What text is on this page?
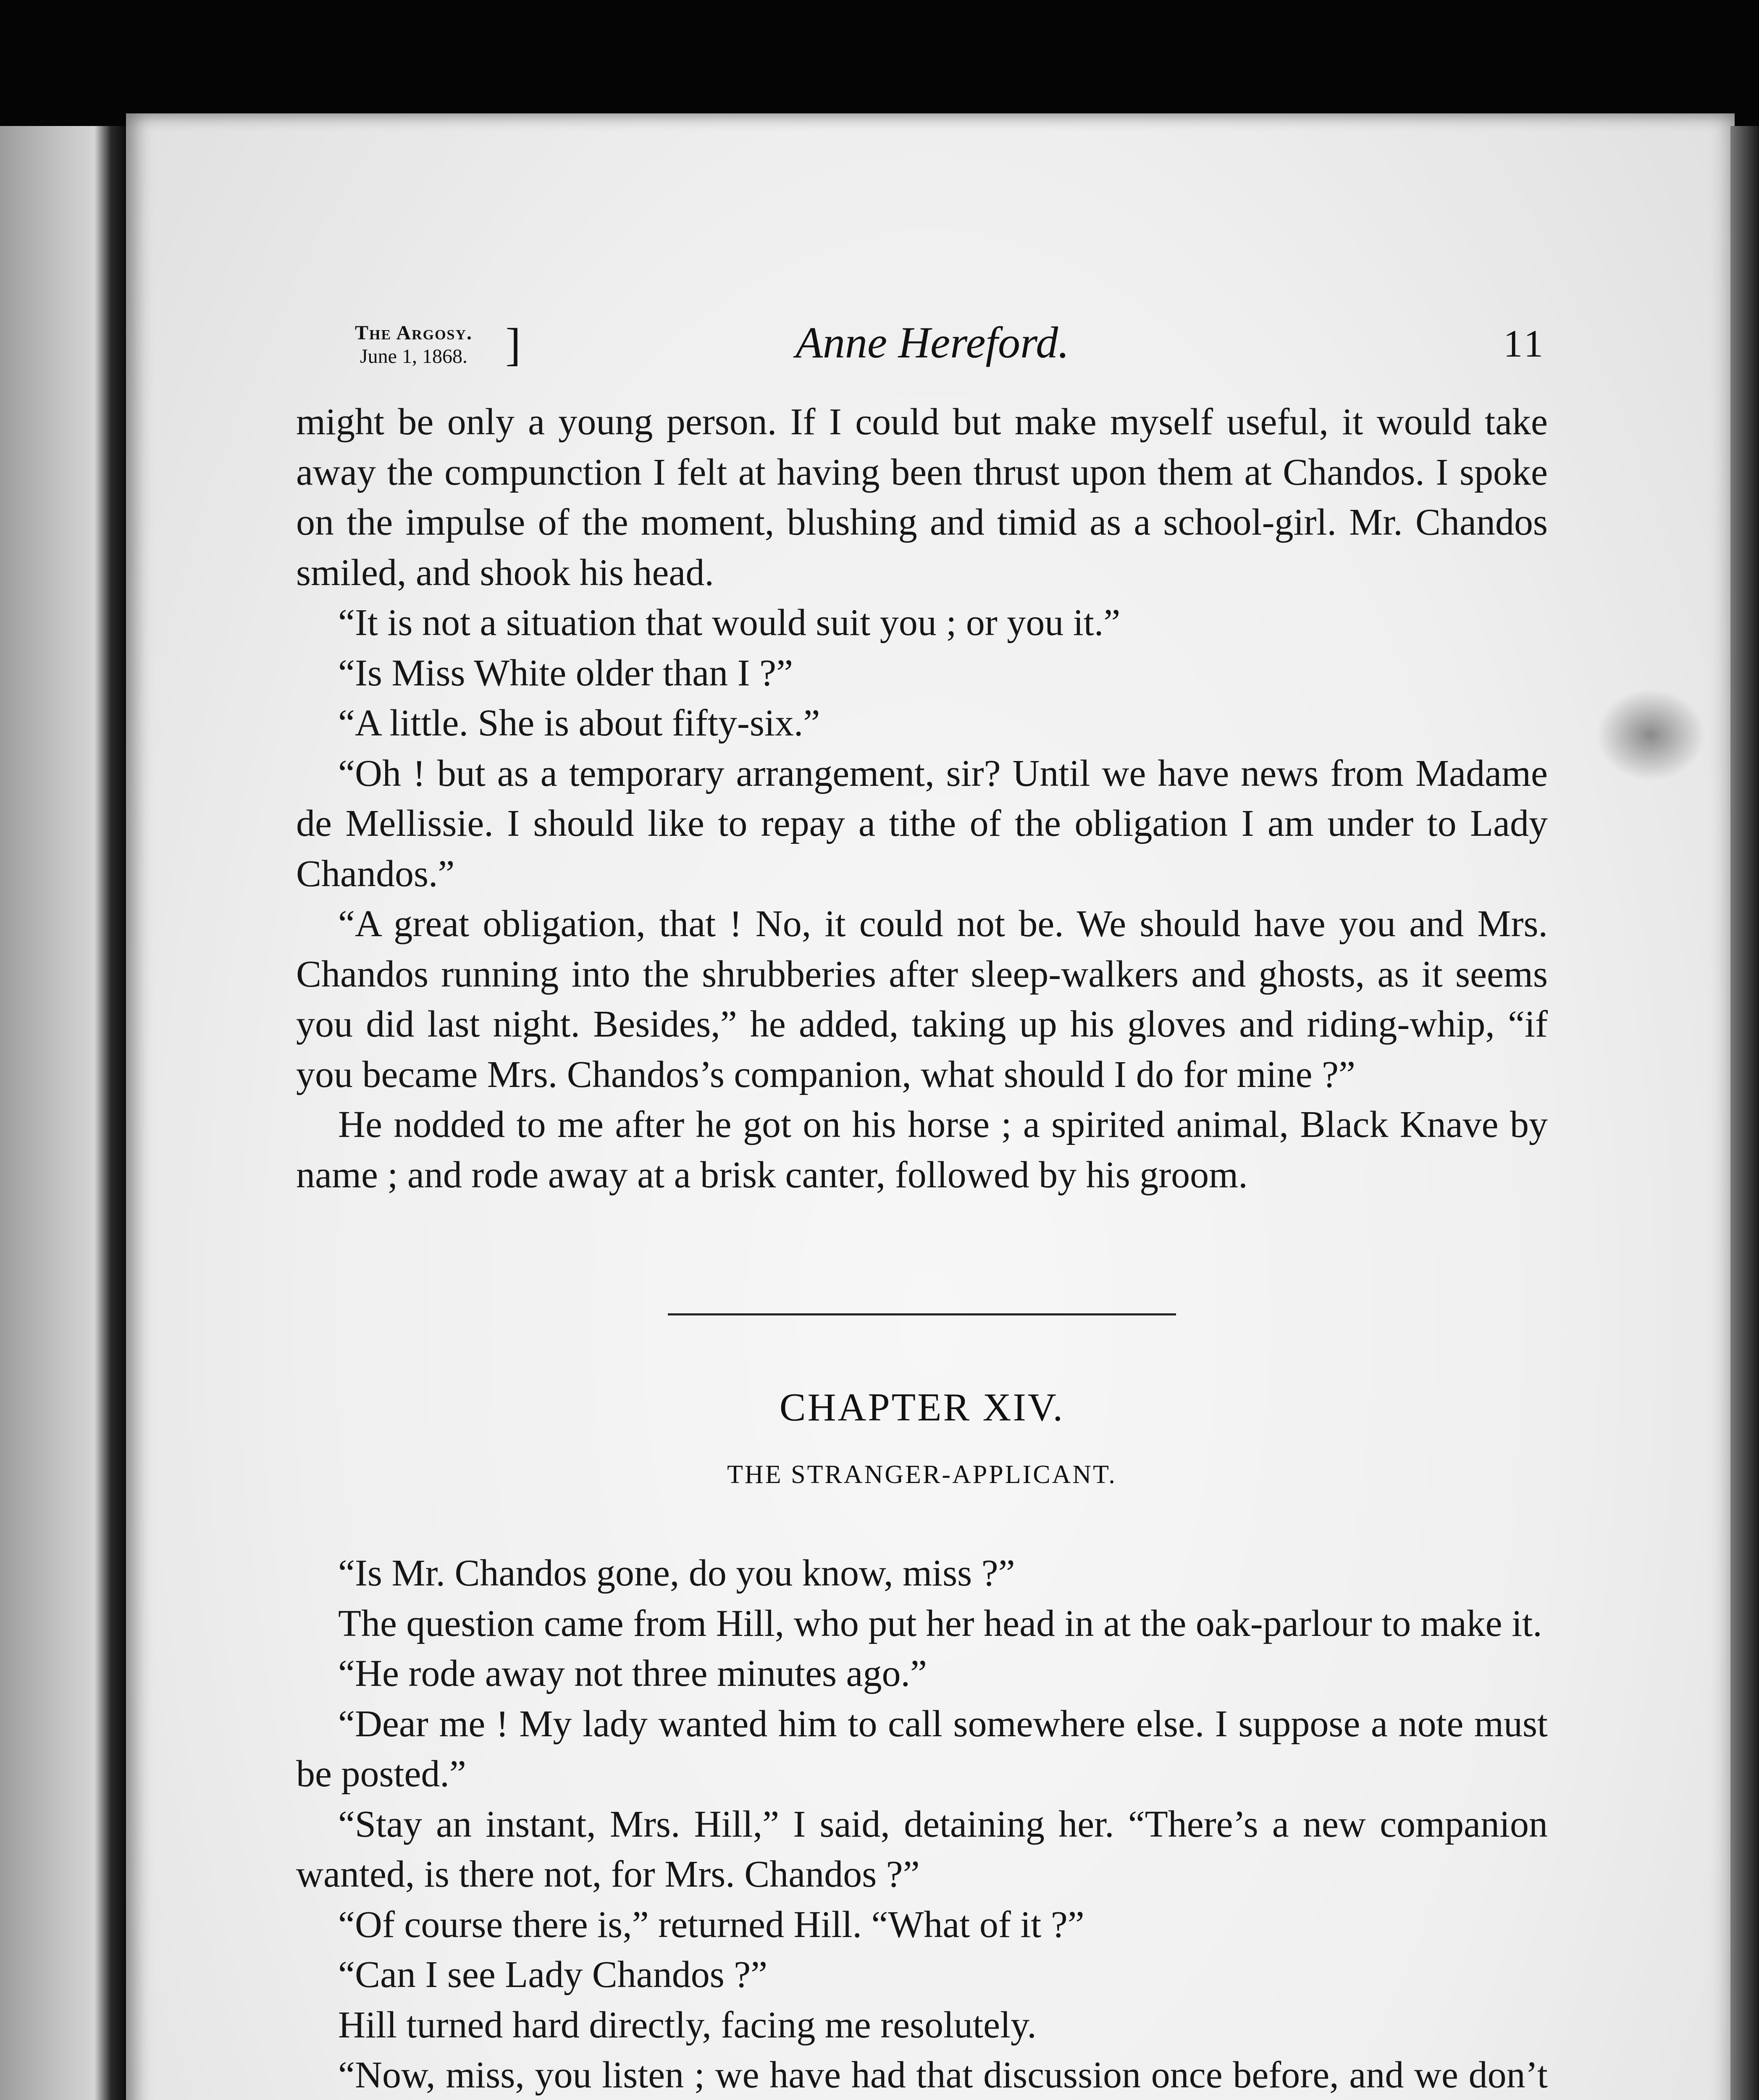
The Argosy.
June 1, 1868. ]	Anne Hereford.	11

might be only a young person. If I could but make myself useful, it would take away the compunction I felt at having been thrust upon them at Chandos. I spoke on the impulse of the moment, blushing and timid as a school-girl. Mr. Chandos smiled, and shook his head.

“It is not a situation that would suit you ; or you it.”

“Is Miss White older than I ?”

“A little. She is about fifty-six.”

“Oh ! but as a temporary arrangement, sir? Until we have news from Madame de Mellissie. I should like to repay a tithe of the obligation I am under to Lady Chandos.”

“A great obligation, that ! No, it could not be. We should have you and Mrs. Chandos running into the shrubberies after sleep-walkers and ghosts, as it seems you did last night. Besides,” he added, taking up his gloves and riding-whip, “if you became Mrs. Chandos’s companion, what should I do for mine ?”

He nodded to me after he got on his horse ; a spirited animal, Black Knave by name ; and rode away at a brisk canter, followed by his groom.

CHAPTER XIV.
THE STRANGER-APPLICANT.

“Is Mr. Chandos gone, do you know, miss ?”

The question came from Hill, who put her head in at the oak-parlour to make it.

“He rode away not three minutes ago.”

“Dear me ! My lady wanted him to call somewhere else. I suppose a note must be posted.”

“Stay an instant, Mrs. Hill,” I said, detaining her. “There’s a new companion wanted, is there not, for Mrs. Chandos ?”

“Of course there is,” returned Hill. “What of it ?”

“Can I see Lady Chandos ?”

Hill turned hard directly, facing me resolutely.

“Now, miss, you listen ; we have had that discussion once before, and we don’t
